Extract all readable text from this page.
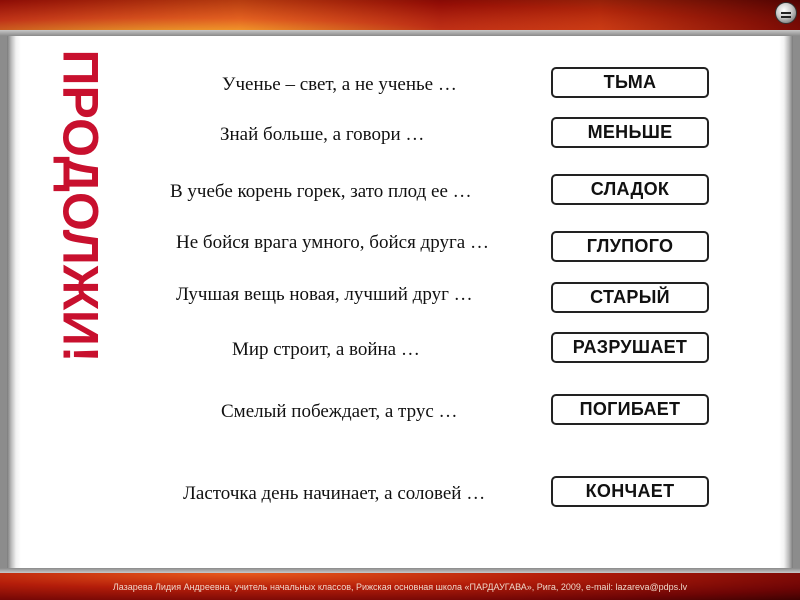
ПРОДОЛЖИ!	Ученье – свет, а не ученье …	ТЬМА
Знай больше, а говори …	МЕНЬШЕ
В учебе корень горек, зато плод ее …	СЛАДОК
Не бойся врага умного, бойся друга …	ГЛУПОГО
Лучшая вещь новая, лучший друг …	СТАРЫЙ
Мир строит, а война …	РАЗРУШАЕТ
Смелый побеждает, а трус …	ПОГИБАЕТ
Ласточка день начинает, а соловей …	КОНЧАЕТ
Лазарева Лидия Андреевна, учитель начальных классов, Рижская основная школа «ПАРДАУГАВА», Рига, 2009, e-mail: lazareva@pdps.lv
